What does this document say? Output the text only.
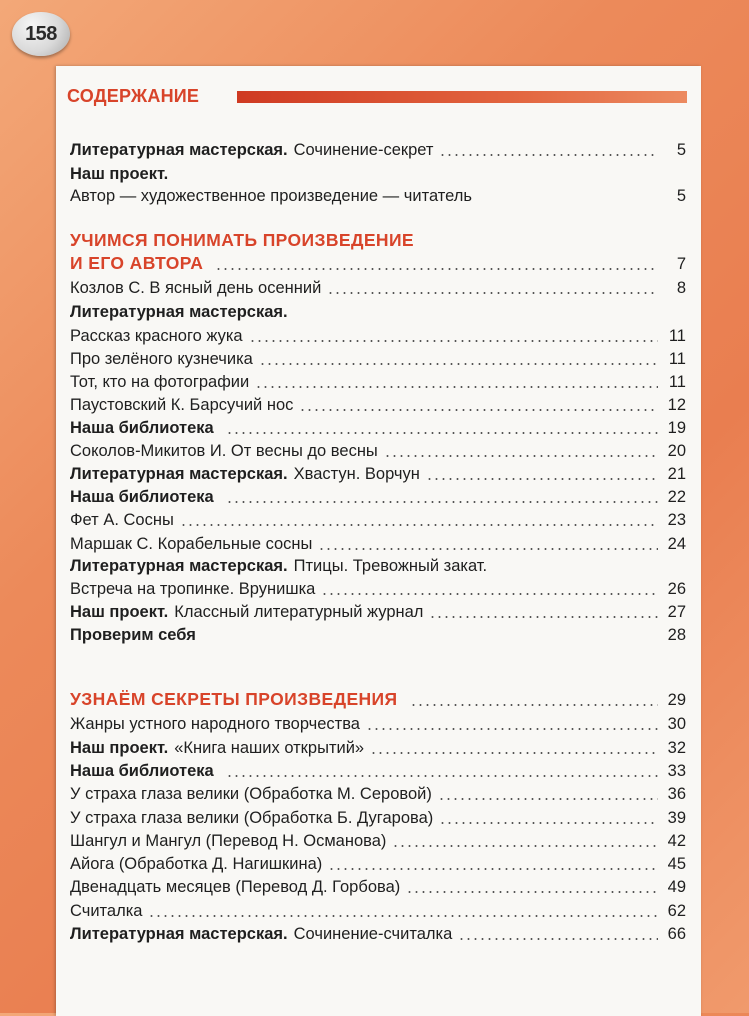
158
СОДЕРЖАНИЕ
Литературная мастерская. Сочинение-секрет	5
Наш проект.
Автор — художественное произведение — читатель	5
УЧИМСЯ ПОНИМАТЬ ПРОИЗВЕДЕНИЕ
И ЕГО АВТОРА	7
Козлов С. В ясный день осенний	8
Литературная мастерская.
Рассказ красного жука	11
Про зелёного кузнечика	11
Тот, кто на фотографии	11
Паустовский К. Барсучий нос	12
Наша библиотека	19
Соколов-Микитов И. От весны до весны	20
Литературная мастерская. Хвастун. Ворчун	21
Наша библиотека	22
Фет А. Сосны	23
Маршак С. Корабельные сосны	24
Литературная мастерская. Птицы. Тревожный закат.
Встреча на тропинке. Врунишка	26
Наш проект. Классный литературный журнал	27
Проверим себя	28
УЗНАЁМ СЕКРЕТЫ ПРОИЗВЕДЕНИЯ	29
Жанры устного народного творчества	30
Наш проект. «Книга наших открытий»	32
Наша библиотека	33
У страха глаза велики (Обработка М. Серовой)	36
У страха глаза велики (Обработка Б. Дугарова)	39
Шангул и Мангул (Перевод Н. Османова)	42
Айога (Обработка Д. Нагишкина)	45
Двенадцать месяцев (Перевод Д. Горбова)	49
Считалка	62
Литературная мастерская. Сочинение-считалка	66
